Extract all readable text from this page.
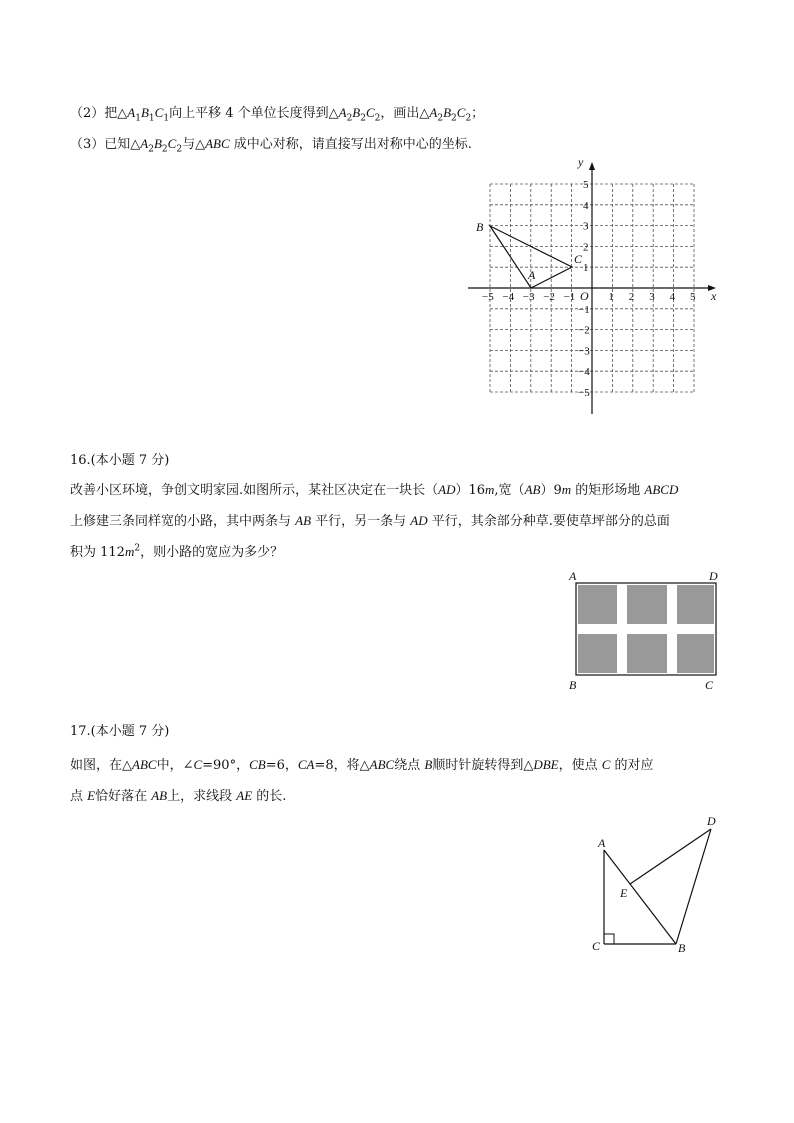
（2）把$\triangle A_1B_1C_1$向上平移 4 个单位长度得到$\triangle A_2B_2C_2$，画出$\triangle A_2B_2C_2$；
（3）已知$\triangle A_2B_2C_2$与△ABC 成中心对称，请直接写出对称中心的坐标.
−5 −4 −3 −2 −1	1 2 3 4 5
5
4
3
2
1
−1
−2
−3
−4
−5
x
y
O
B
A
C
16.(本小题 7 分)
改善小区环境，争创文明家园.如图所示，某社区决定在一块长（AD）16m,宽（AB）9m 的矩形场地 ABCD
上修建三条同样宽的小路，其中两条与 AB 平行，另一条与 AD 平行，其余部分种草.要使草坪部分的总面
积为 $112m^2$，则小路的宽应为多少？
A	D
B	C
17.(本小题 7 分)
如图，在△ABC中，∠C=90°，CB=6，CA=8，将△ABC绕点 B顺时针旋转得到△DBE，使点 C 的对应
点 E恰好落在 AB上，求线段 AE 的长.
A
D
E
C	B
